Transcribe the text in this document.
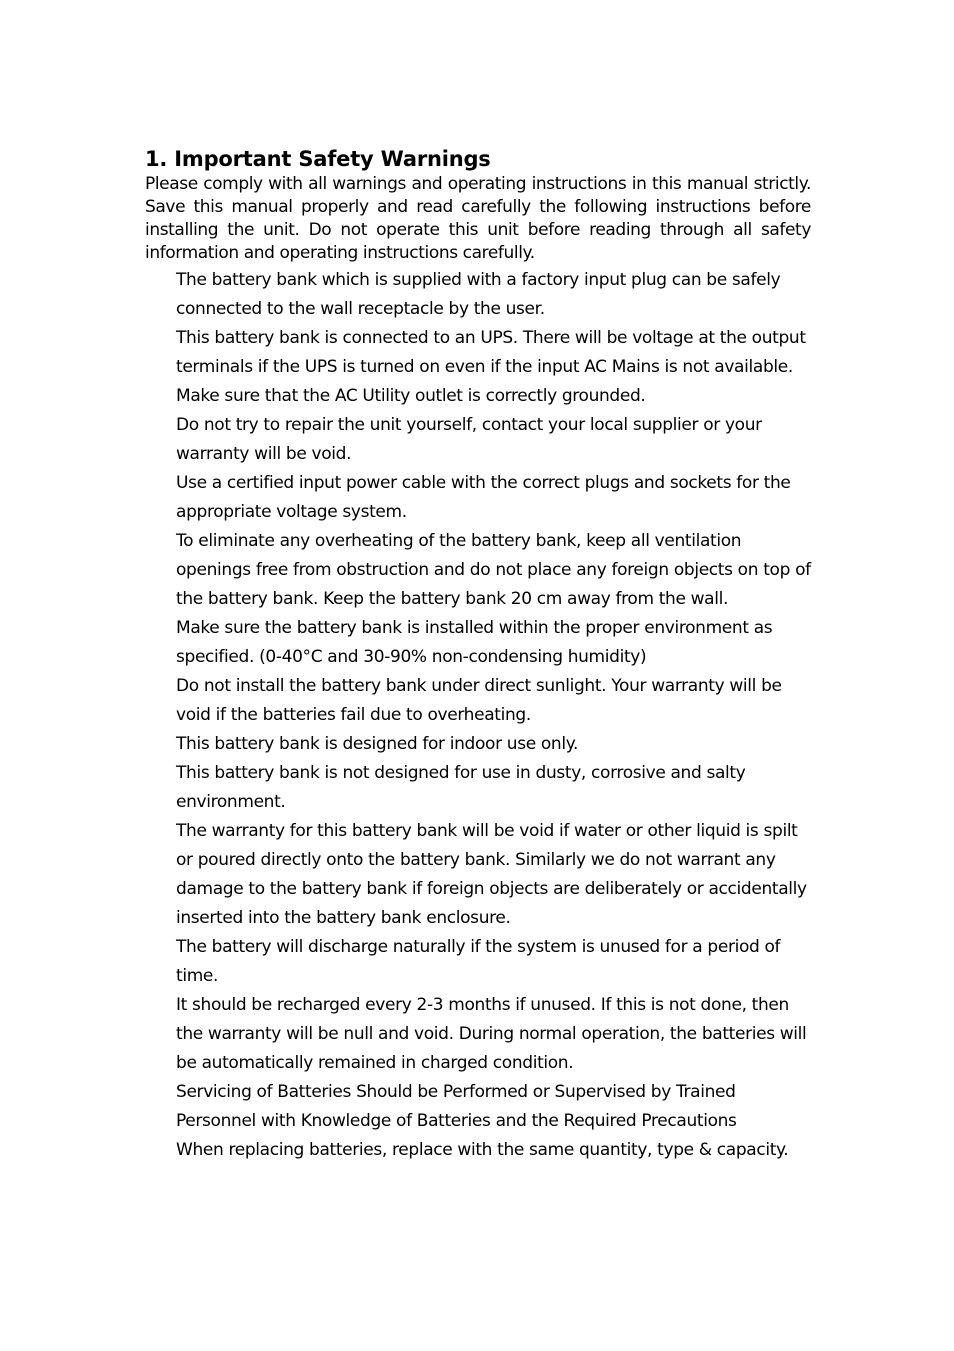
1. Important Safety Warnings

Please comply with all warnings and operating instructions in this manual strictly. Save this manual properly and read carefully the following instructions before installing the unit. Do not operate this unit before reading through all safety information and operating instructions carefully.

The battery bank which is supplied with a factory input plug can be safely connected to the wall receptacle by the user.
This battery bank is connected to an UPS. There will be voltage at the output terminals if the UPS is turned on even if the input AC Mains is not available.
Make sure that the AC Utility outlet is correctly grounded.
Do not try to repair the unit yourself, contact your local supplier or your warranty will be void.
Use a certified input power cable with the correct plugs and sockets for the appropriate voltage system.
To eliminate any overheating of the battery bank, keep all ventilation openings free from obstruction and do not place any foreign objects on top of the battery bank. Keep the battery bank 20 cm away from the wall.
Make sure the battery bank is installed within the proper environment as specified. (0-40°C and 30-90% non-condensing humidity)
Do not install the battery bank under direct sunlight. Your warranty will be void if the batteries fail due to overheating.
This battery bank is designed for indoor use only.
This battery bank is not designed for use in dusty, corrosive and salty environment.
The warranty for this battery bank will be void if water or other liquid is spilt or poured directly onto the battery bank. Similarly we do not warrant any damage to the battery bank if foreign objects are deliberately or accidentally inserted into the battery bank enclosure.
The battery will discharge naturally if the system is unused for a period of time.
It should be recharged every 2-3 months if unused. If this is not done, then the warranty will be null and void. During normal operation, the batteries will be automatically remained in charged condition.
Servicing of Batteries Should be Performed or Supervised by Trained Personnel with Knowledge of Batteries and the Required Precautions
When replacing batteries, replace with the same quantity, type & capacity.
